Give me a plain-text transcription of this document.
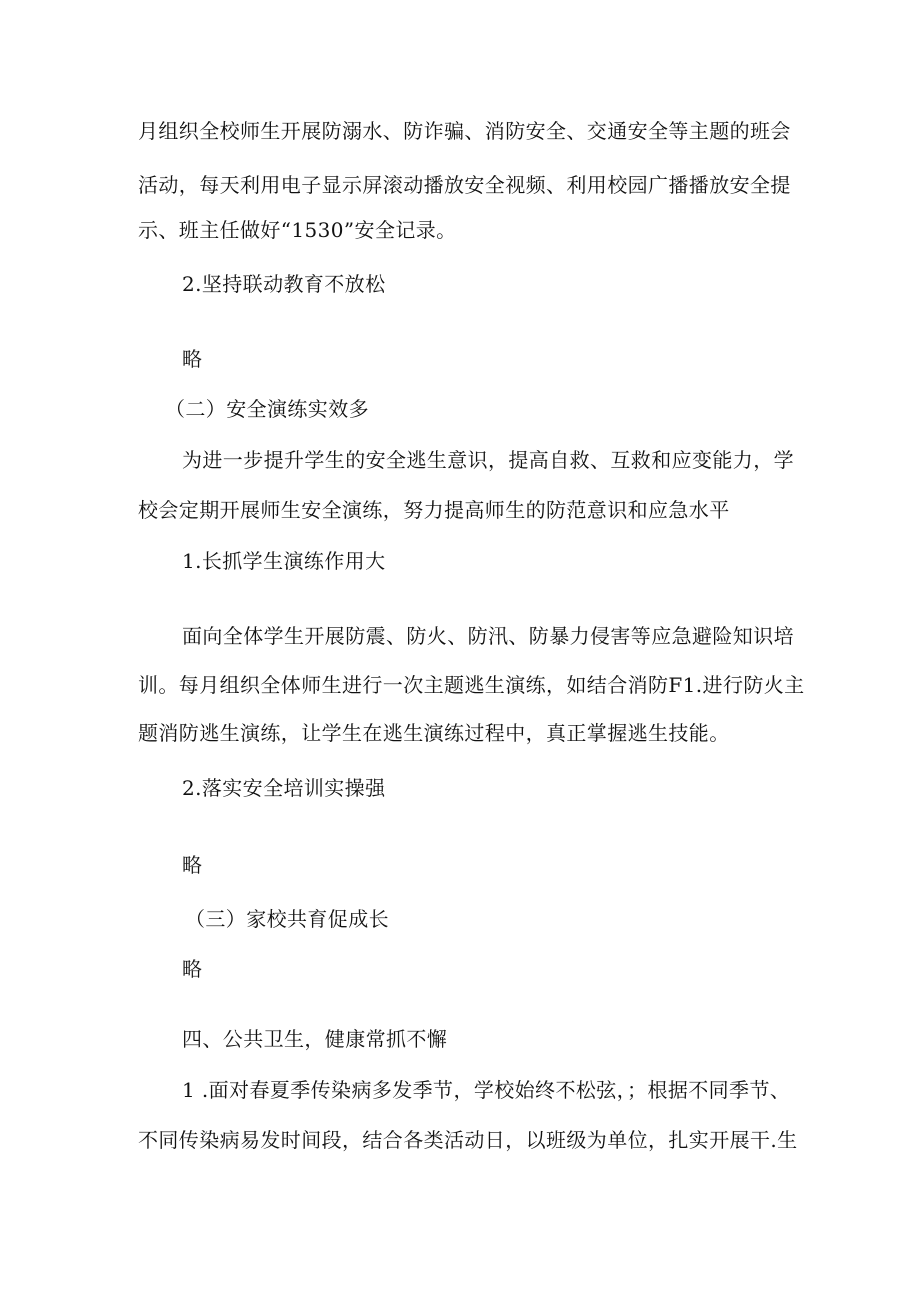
月组织全校师生开展防溺水、防诈骗、消防安全、交通安全等主题的班会
活动，每天利用电子显示屏滚动播放安全视频、利用校园广播播放安全提
示、班主任做好“1530”安全记录。
2.坚持联动教育不放松
略
（二）安全演练实效多
为进一步提升学生的安全逃生意识，提高自救、互救和应变能力，学
校会定期开展师生安全演练，努力提高师生的防范意识和应急水平
1.长抓学生演练作用大
面向全体学生开展防震、防火、防汛、防暴力侵害等应急避险知识培
训。每月组织全体师生进行一次主题逃生演练，如结合消防F1.进行防火主
题消防逃生演练，让学生在逃生演练过程中，真正掌握逃生技能。
2.落实安全培训实操强
略
（三）家校共育促成长
略
四、公共卫生，健康常抓不懈
1 .面对春夏季传染病多发季节，学校始终不松弦，；根据不同季节、
不同传染病易发时间段，结合各类活动日，以班级为单位，扎实开展干.生
